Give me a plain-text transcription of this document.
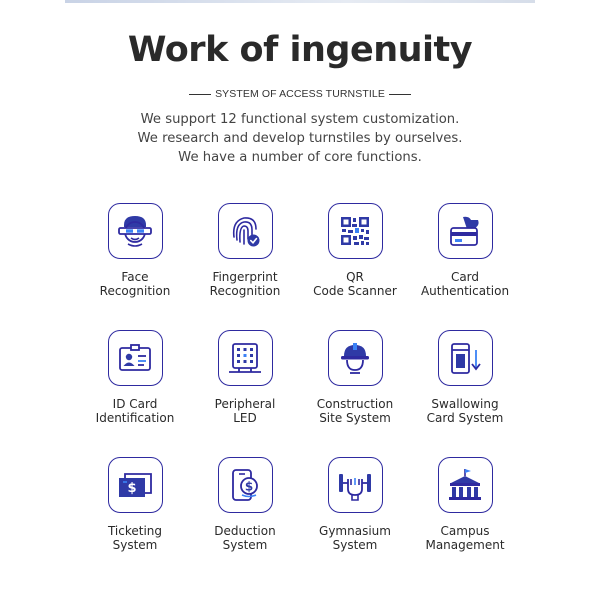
Work of ingenuity
SYSTEM OF ACCESS TURNSTILE
We support 12 functional system customization.
We research and develop turnstiles by ourselves.
We have a number of core functions.
Face
Recognition
Fingerprint
Recognition
QR
Code Scanner
Card
Authentication
ID Card
Identification
Peripheral
LED
Construction
Site System
Swallowing
Card System
$
Ticketing
System
$
Deduction
System
Gymnasium
System
Campus
Management
